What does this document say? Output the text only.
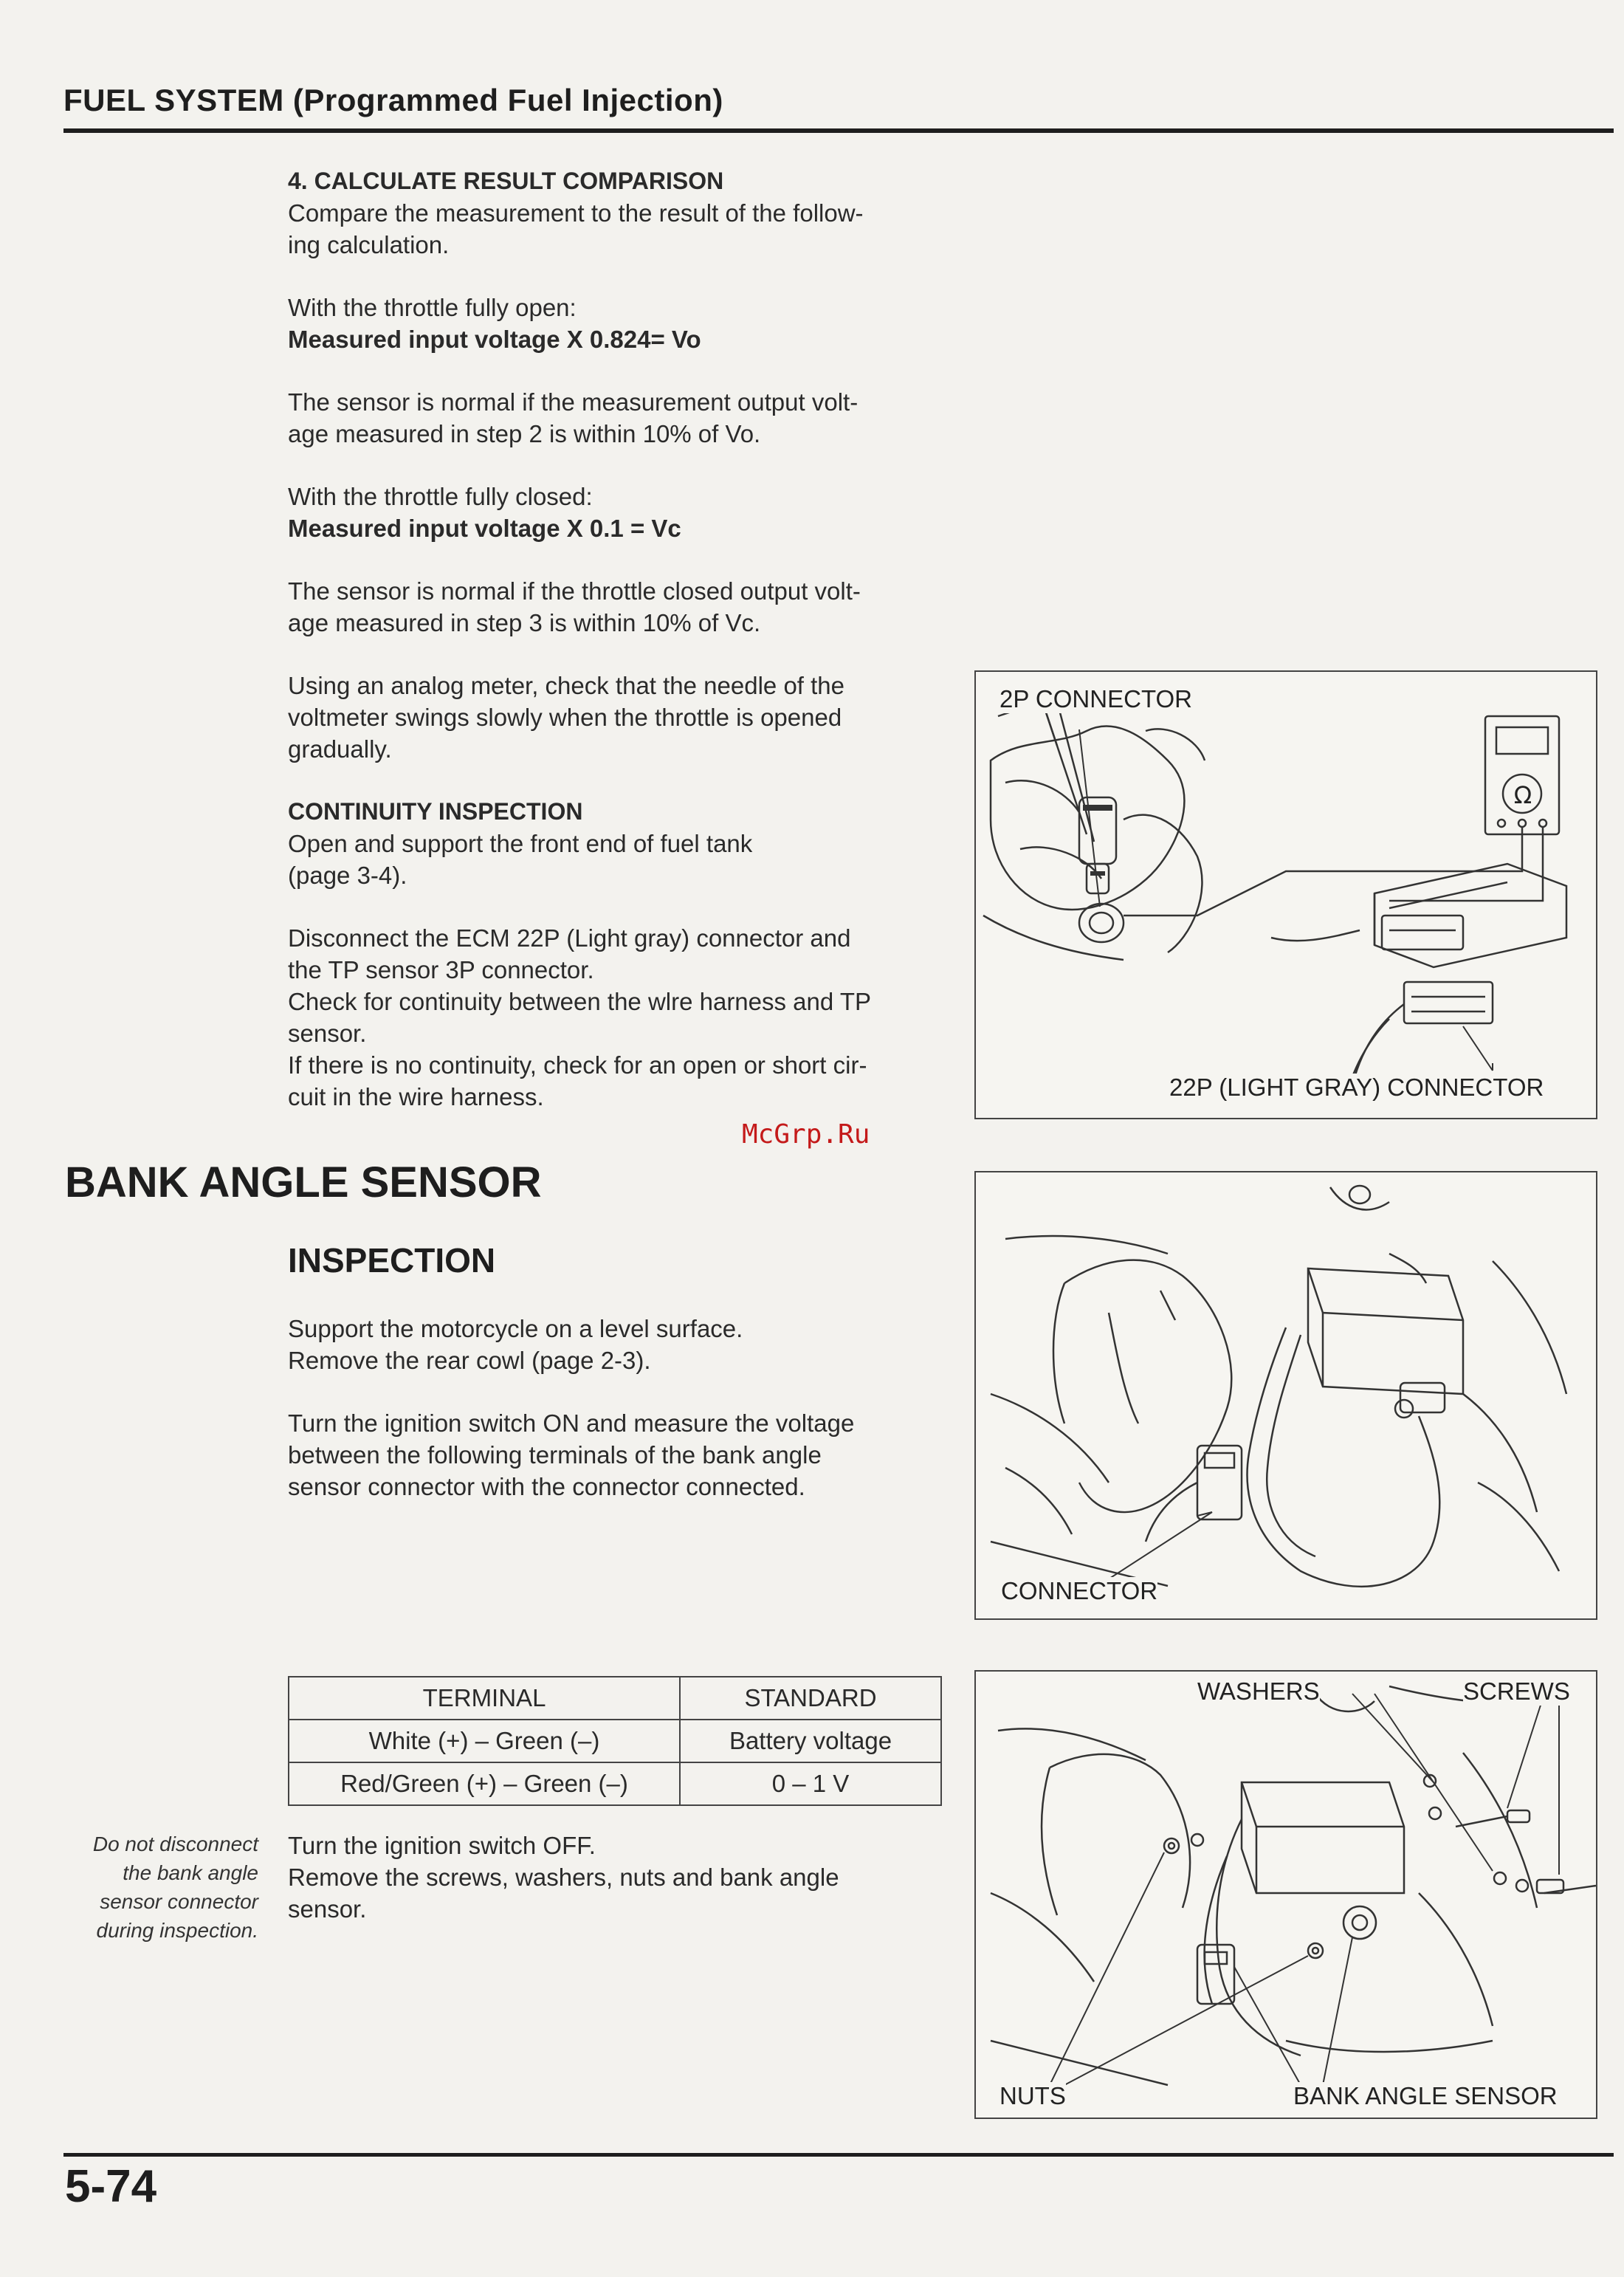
FUEL SYSTEM (Programmed Fuel Injection)
4. CALCULATE RESULT COMPARISON
Compare the measurement to the result of the follow-
ing calculation.
With the throttle fully open:
Measured input voltage X 0.824= Vo
The sensor is normal if the measurement output volt-
age measured in step 2 is within 10% of Vo.
With the throttle fully closed:
Measured input voltage X 0.1 = Vc
The sensor is normal if the throttle closed output volt-
age measured in step 3 is within 10% of Vc.
Using an analog meter, check that the needle of the
voltmeter swings slowly when the throttle is opened
gradually.
CONTINUITY INSPECTION
Open and support the front end of fuel tank
(page 3-4).
Disconnect the ECM 22P (Light gray) connector and
the TP sensor 3P connector.
Check for continuity between the wlre harness and TP
sensor.
If there is no continuity, check for an open or short cir-
cuit in the wire harness.
McGrp.Ru
Ω
2P CONNECTOR
22P (LIGHT GRAY) CONNECTOR
BANK ANGLE SENSOR
INSPECTION
Support the motorcycle on a level surface.
Remove the rear cowl (page 2-3).
Turn the ignition switch ON and measure the voltage
between the following terminals of the bank angle
sensor connector with the connector connected.
CONNECTOR
TERMINAL	STANDARD
White (+) – Green (–)	Battery voltage
Red/Green (+) – Green (–)	0 – 1 V
Do not disconnect
the bank angle
sensor connector
during inspection.
Turn the ignition switch OFF.
Remove the screws, washers, nuts and bank angle
sensor.
WASHERS	SCREWS
NUTS	BANK ANGLE SENSOR
5-74
